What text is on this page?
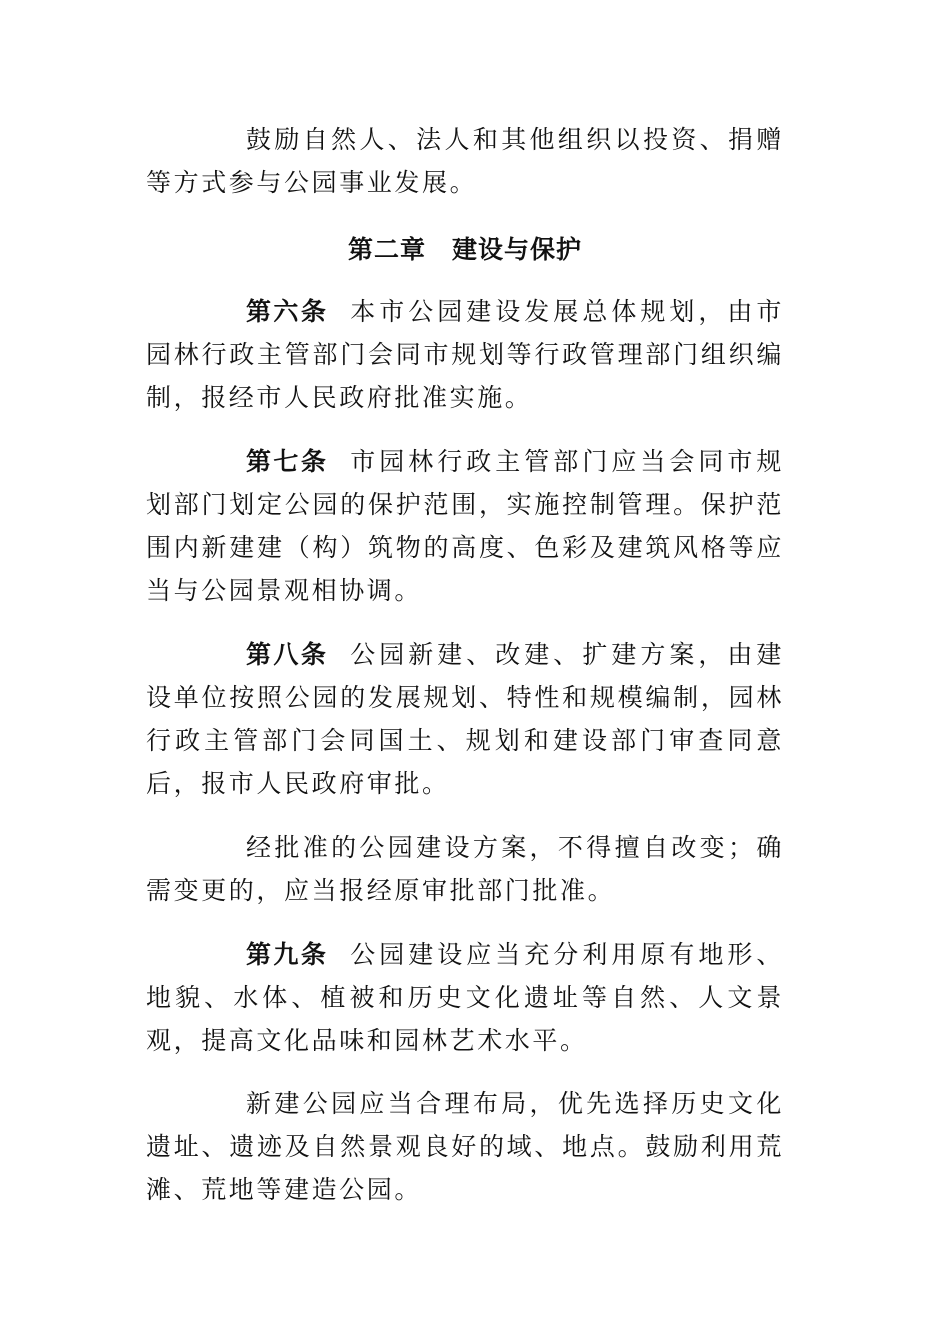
鼓励自然人、法人和其他组织以投资、捐赠等方式参与公园事业发展。

第二章 建设与保护

第六条 本市公园建设发展总体规划，由市园林行政主管部门会同市规划等行政管理部门组织编制，报经市人民政府批准实施。

第七条 市园林行政主管部门应当会同市规划部门划定公园的保护范围，实施控制管理。保护范围内新建建（构）筑物的高度、色彩及建筑风格等应当与公园景观相协调。

第八条 公园新建、改建、扩建方案，由建设单位按照公园的发展规划、特性和规模编制，园林行政主管部门会同国土、规划和建设部门审查同意后，报市人民政府审批。

经批准的公园建设方案，不得擅自改变；确需变更的，应当报经原审批部门批准。

第九条 公园建设应当充分利用原有地形、地貌、水体、植被和历史文化遗址等自然、人文景观，提高文化品味和园林艺术水平。

新建公园应当合理布局，优先选择历史文化遗址、遗迹及自然景观良好的域、地点。鼓励利用荒滩、荒地等建造公园。
